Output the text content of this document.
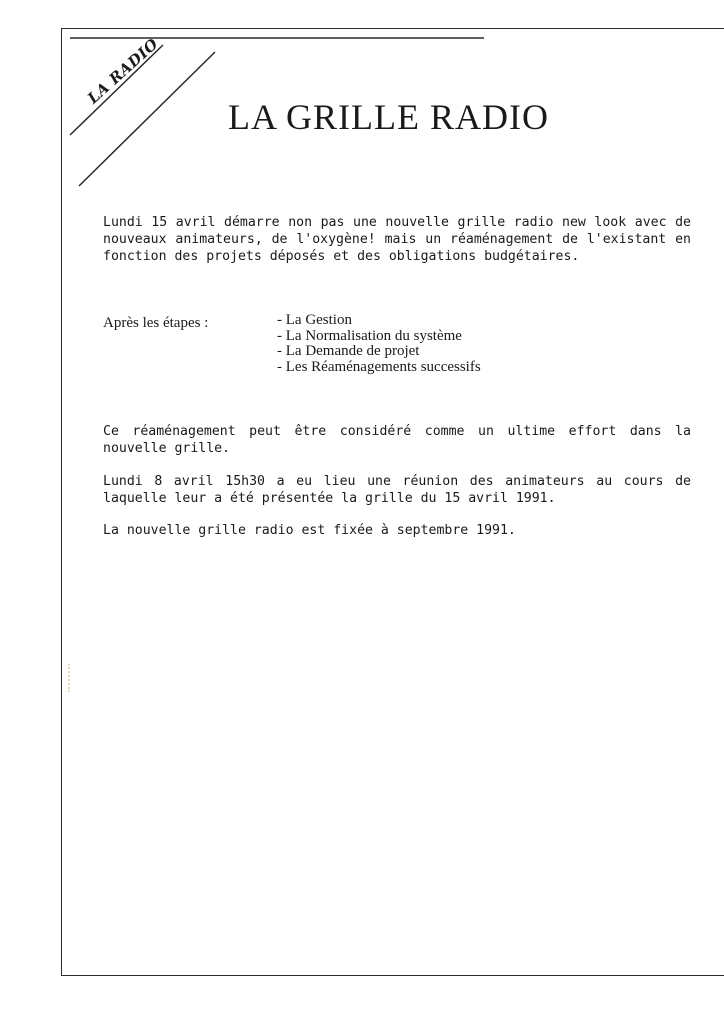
LA RADIO
LA GRILLE RADIO

Lundi 15 avril démarre non pas une nouvelle grille radio new look avec de nouveaux animateurs, de l'oxygène! mais un réaménagement de l'existant en fonction des projets déposés et des obligations budgétaires.

Après les étapes :	- La Gestion
- La Normalisation du système
- La Demande de projet
- Les Réaménagements successifs

Ce réaménagement peut être considéré comme un ultime effort dans la nouvelle grille.

Lundi 8 avril 15h30 a eu lieu une réunion des animateurs au cours de laquelle leur a été présentée la grille du 15 avril 1991.

La nouvelle grille radio est fixée à septembre 1991.
